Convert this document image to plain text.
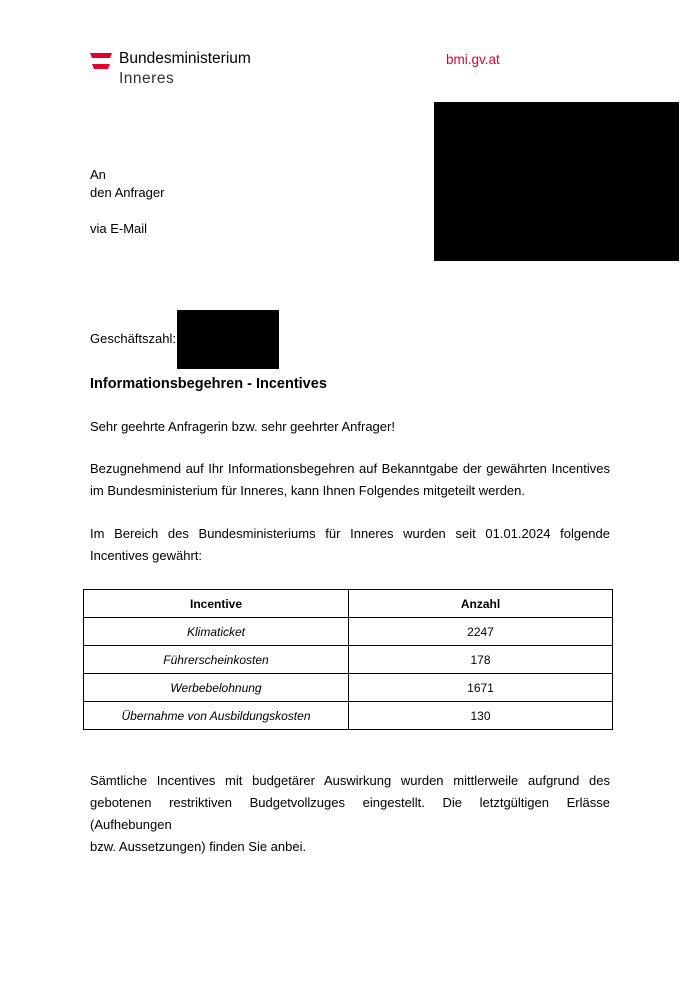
Bundesministerium
Inneres
bmi.gv.at
An
den Anfrager
via E-Mail
Geschäftszahl:
Informationsbegehren - Incentives
Sehr geehrte Anfragerin bzw. sehr geehrter Anfrager!
Bezugnehmend auf Ihr Informationsbegehren auf Bekanntgabe der gewährten Incentives
im Bundesministerium für Inneres, kann Ihnen Folgendes mitgeteilt werden.
Im Bereich des Bundesministeriums für Inneres wurden seit 01.01.2024 folgende
Incentives gewährt:
Incentive	Anzahl
Klimaticket	2247
Führerscheinkosten	178
Werbebelohnung	1671
Übernahme von Ausbildungskosten	130
Sämtliche Incentives mit budgetärer Auswirkung wurden mittlerweile aufgrund des
gebotenen restriktiven Budgetvollzuges eingestellt. Die letztgültigen Erlässe (Aufhebungen
bzw. Aussetzungen) finden Sie anbei.
